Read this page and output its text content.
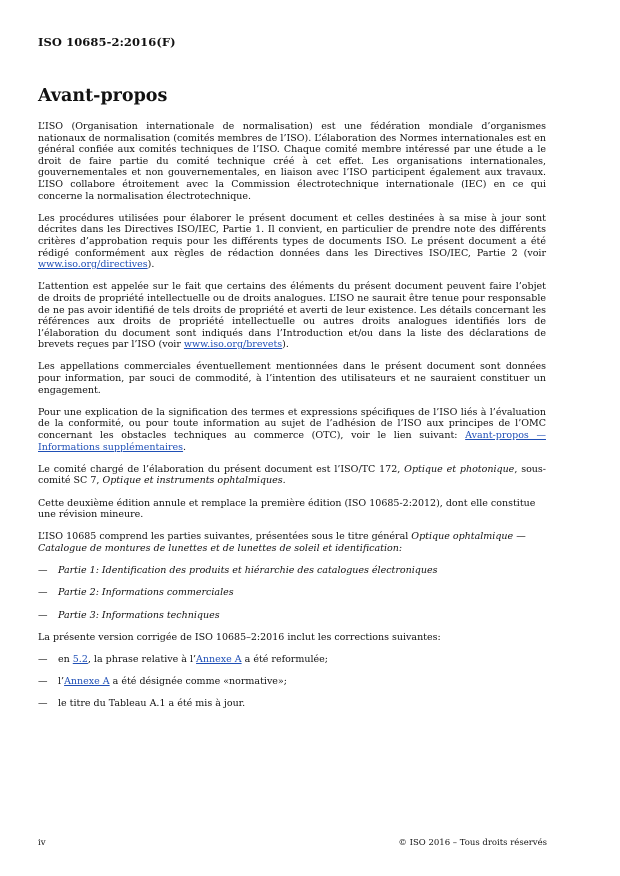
ISO 10685-2:2016(F)
Avant-propos

L’ISO (Organisation internationale de normalisation) est une fédération mondiale d’organismes nationaux de normalisation (comités membres de l’ISO). L’élaboration des Normes internationales est en général confiée aux comités techniques de l’ISO. Chaque comité membre intéressé par une étude a le droit de faire partie du comité technique créé à cet effet. Les organisations internationales, gouvernementales et non gouvernementales, en liaison avec l’ISO participent également aux travaux. L’ISO collabore étroitement avec la Commission électrotechnique internationale (IEC) en ce qui concerne la normalisation électrotechnique.

Les procédures utilisées pour élaborer le présent document et celles destinées à sa mise à jour sont décrites dans les Directives ISO/IEC, Partie 1. Il convient, en particulier de prendre note des différents critères d’approbation requis pour les différents types de documents ISO. Le présent document a été rédigé conformément aux règles de rédaction données dans les Directives ISO/IEC, Partie 2 (voir www.iso.org/directives).

L’attention est appelée sur le fait que certains des éléments du présent document peuvent faire l’objet de droits de propriété intellectuelle ou de droits analogues. L’ISO ne saurait être tenue pour responsable de ne pas avoir identifié de tels droits de propriété et averti de leur existence. Les détails concernant les références aux droits de propriété intellectuelle ou autres droits analogues identifiés lors de l’élaboration du document sont indiqués dans l’Introduction et/ou dans la liste des déclarations de brevets reçues par l’ISO (voir www.iso.org/brevets).

Les appellations commerciales éventuellement mentionnées dans le présent document sont données pour information, par souci de commodité, à l’intention des utilisateurs et ne sauraient constituer un engagement.

Pour une explication de la signification des termes et expressions spécifiques de l’ISO liés à l’évaluation de la conformité, ou pour toute information au sujet de l’adhésion de l’ISO aux principes de l’OMC concernant les obstacles techniques au commerce (OTC), voir le lien suivant: Avant-propos — Informations supplémentaires.

Le comité chargé de l’élaboration du présent document est l’ISO/TC 172, Optique et photonique, sous-comité SC 7, Optique et instruments ophtalmiques.

Cette deuxième édition annule et remplace la première édition (ISO 10685-2:2012), dont elle constitue une révision mineure.

L’ISO 10685 comprend les parties suivantes, présentées sous le titre général Optique ophtalmique — Catalogue de montures de lunettes et de lunettes de soleil et identification:

—	Partie 1: Identification des produits et hiérarchie des catalogues électroniques
—	Partie 2: Informations commerciales
—	Partie 3: Informations techniques

La présente version corrigée de ISO 10685–2:2016 inclut les corrections suivantes:

—	en 5.2, la phrase relative à l’Annexe A a été reformulée;
—	l’Annexe A a été désignée comme «normative»;
—	le titre du Tableau A.1 a été mis à jour.
iv	© ISO 2016 – Tous droits réservés
